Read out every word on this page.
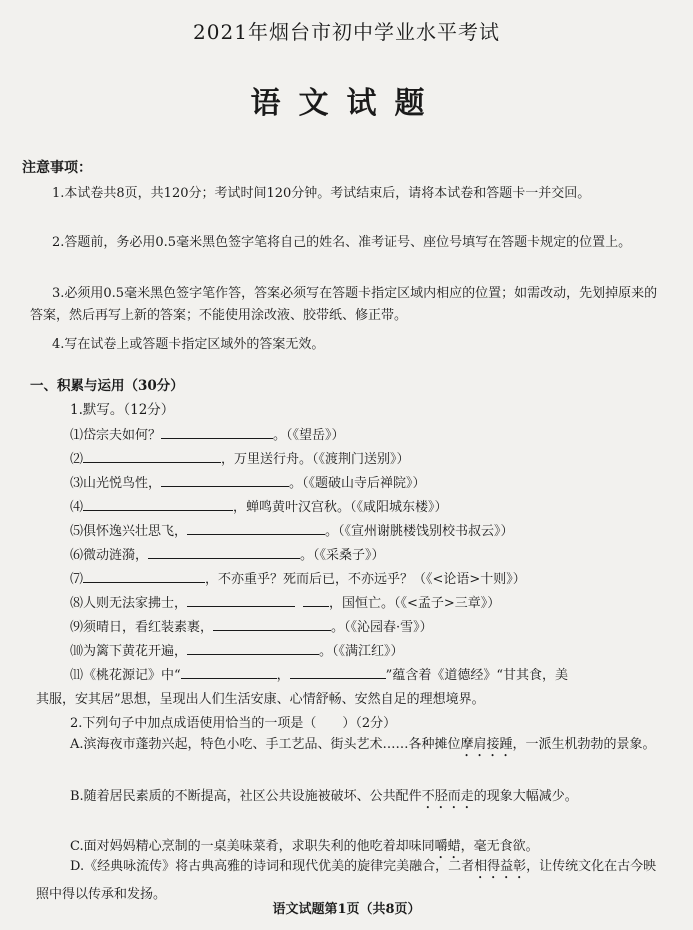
2021年烟台市初中学业水平考试
语文试题
注意事项：
1.本试卷共8页，共120分；考试时间120分钟。考试结束后，请将本试卷和答题卡一并交回。
2.答题前，务必用0.5毫米黑色签字笔将自己的姓名、准考证号、座位号填写在答题卡规定的位置上。
3.必须用0.5毫米黑色签字笔作答，答案必须写在答题卡指定区域内相应的位置；如需改动，先划掉原来的答案，然后再写上新的答案；不能使用涂改液、胶带纸、修正带。
4.写在试卷上或答题卡指定区域外的答案无效。
一、积累与运用（30分）
1.默写。（12分）
⑴岱宗夫如何？	。（《望岳》）
⑵	，万里送行舟。（《渡荆门送别》）
⑶山光悦鸟性，	。（《题破山寺后禅院》）
⑷	，蝉鸣黄叶汉宫秋。（《咸阳城东楼》）
⑸俱怀逸兴壮思飞，	。（《宣州谢朓楼饯别校书叔云》）
⑹微动涟漪，	。（《采桑子》）
⑺	，不亦重乎？死而后已，不亦远乎？（《<论语>十则》）
⑻人则无法家拂士，	，国恒亡。（《<孟子>三章》）
⑼须晴日，看红装素裹，	。（《沁园春·雪》）
⑽为篱下黄花开遍，	。（《满江红》）
⑾《桃花源记》中“	，	”蕴含着《道德经》“甘其食，美
其服，安其居”思想，呈现出人们生活安康、心情舒畅、安然自足的理想境界。
2.下列句子中加点成语使用恰当的一项是（　　）（2分）
A.滨海夜市蓬勃兴起，特色小吃、手工艺品、街头艺术……各种摊位摩肩接踵，一派生机勃勃的景象。
B.随着居民素质的不断提高，社区公共设施被破坏、公共配件不胫而走的现象大幅减少。
C.面对妈妈精心烹制的一桌美味菜肴，求职失利的他吃着却味同嚼蜡，毫无食欲。
D.《经典咏流传》将古典高雅的诗词和现代优美的旋律完美融合，二者相得益彰，让传统文化在古今映照中得以传承和发扬。
语文试题第1页（共8页）
